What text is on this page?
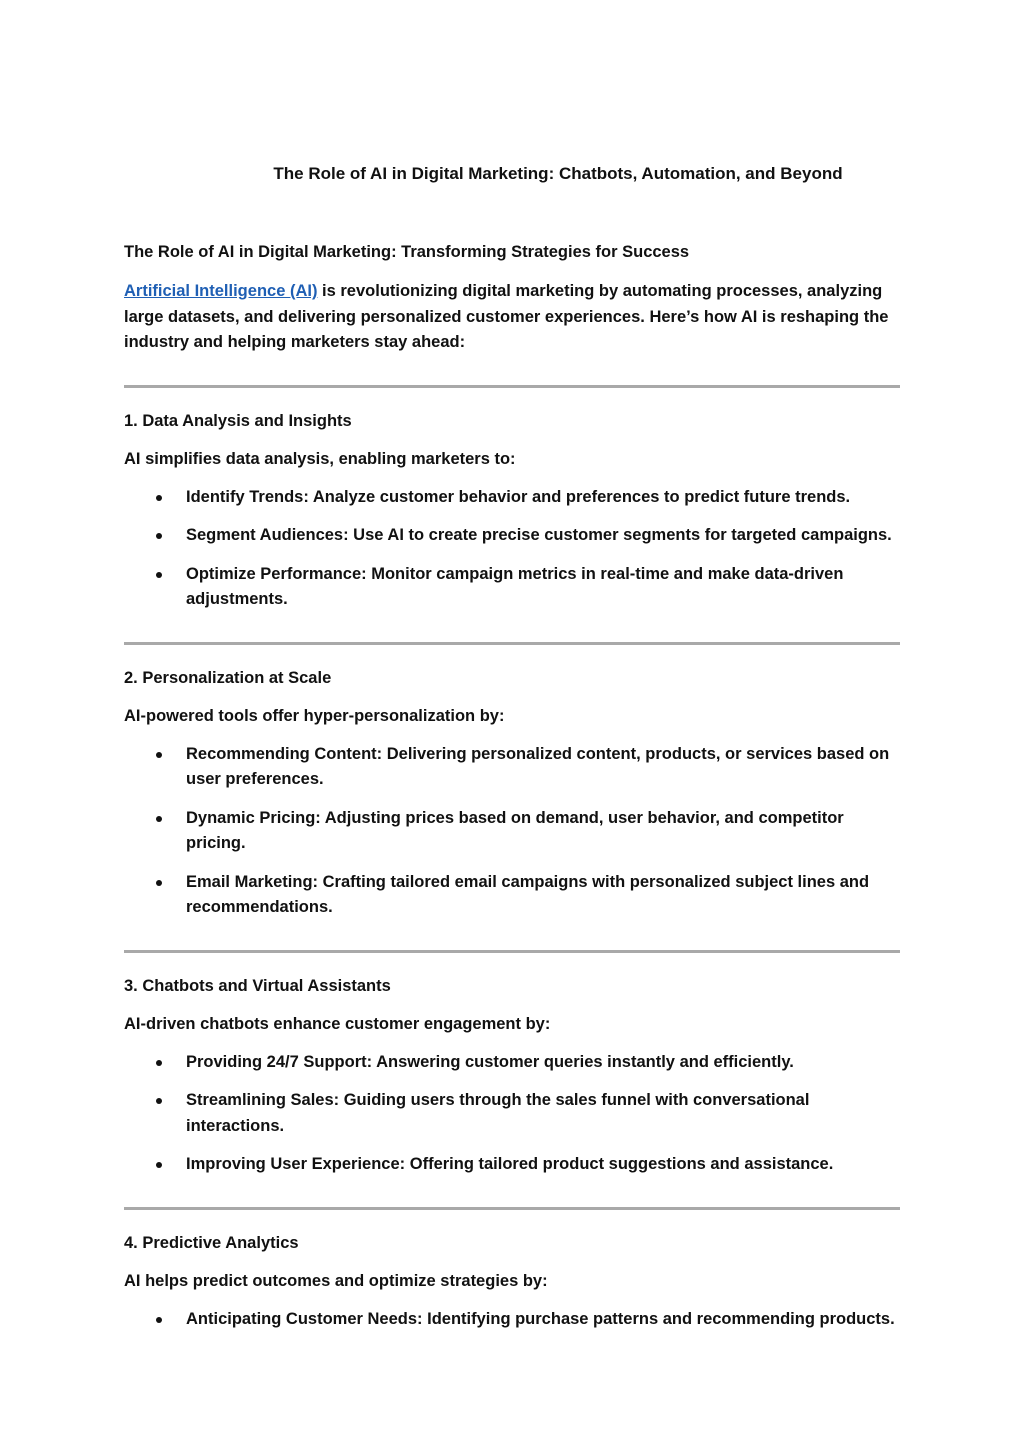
The Role of AI in Digital Marketing: Chatbots, Automation, and Beyond

The Role of AI in Digital Marketing: Transforming Strategies for Success

Artificial Intelligence (AI) is revolutionizing digital marketing by automating processes, analyzing large datasets, and delivering personalized customer experiences. Here’s how AI is reshaping the industry and helping marketers stay ahead:

1. Data Analysis and Insights

AI simplifies data analysis, enabling marketers to:

Identify Trends: Analyze customer behavior and preferences to predict future trends.
Segment Audiences: Use AI to create precise customer segments for targeted campaigns.
Optimize Performance: Monitor campaign metrics in real-time and make data-driven adjustments.

2. Personalization at Scale

AI-powered tools offer hyper-personalization by:

Recommending Content: Delivering personalized content, products, or services based on user preferences.
Dynamic Pricing: Adjusting prices based on demand, user behavior, and competitor pricing.
Email Marketing: Crafting tailored email campaigns with personalized subject lines and recommendations.

3. Chatbots and Virtual Assistants

AI-driven chatbots enhance customer engagement by:

Providing 24/7 Support: Answering customer queries instantly and efficiently.
Streamlining Sales: Guiding users through the sales funnel with conversational interactions.
Improving User Experience: Offering tailored product suggestions and assistance.

4. Predictive Analytics

AI helps predict outcomes and optimize strategies by:

Anticipating Customer Needs: Identifying purchase patterns and recommending products.
